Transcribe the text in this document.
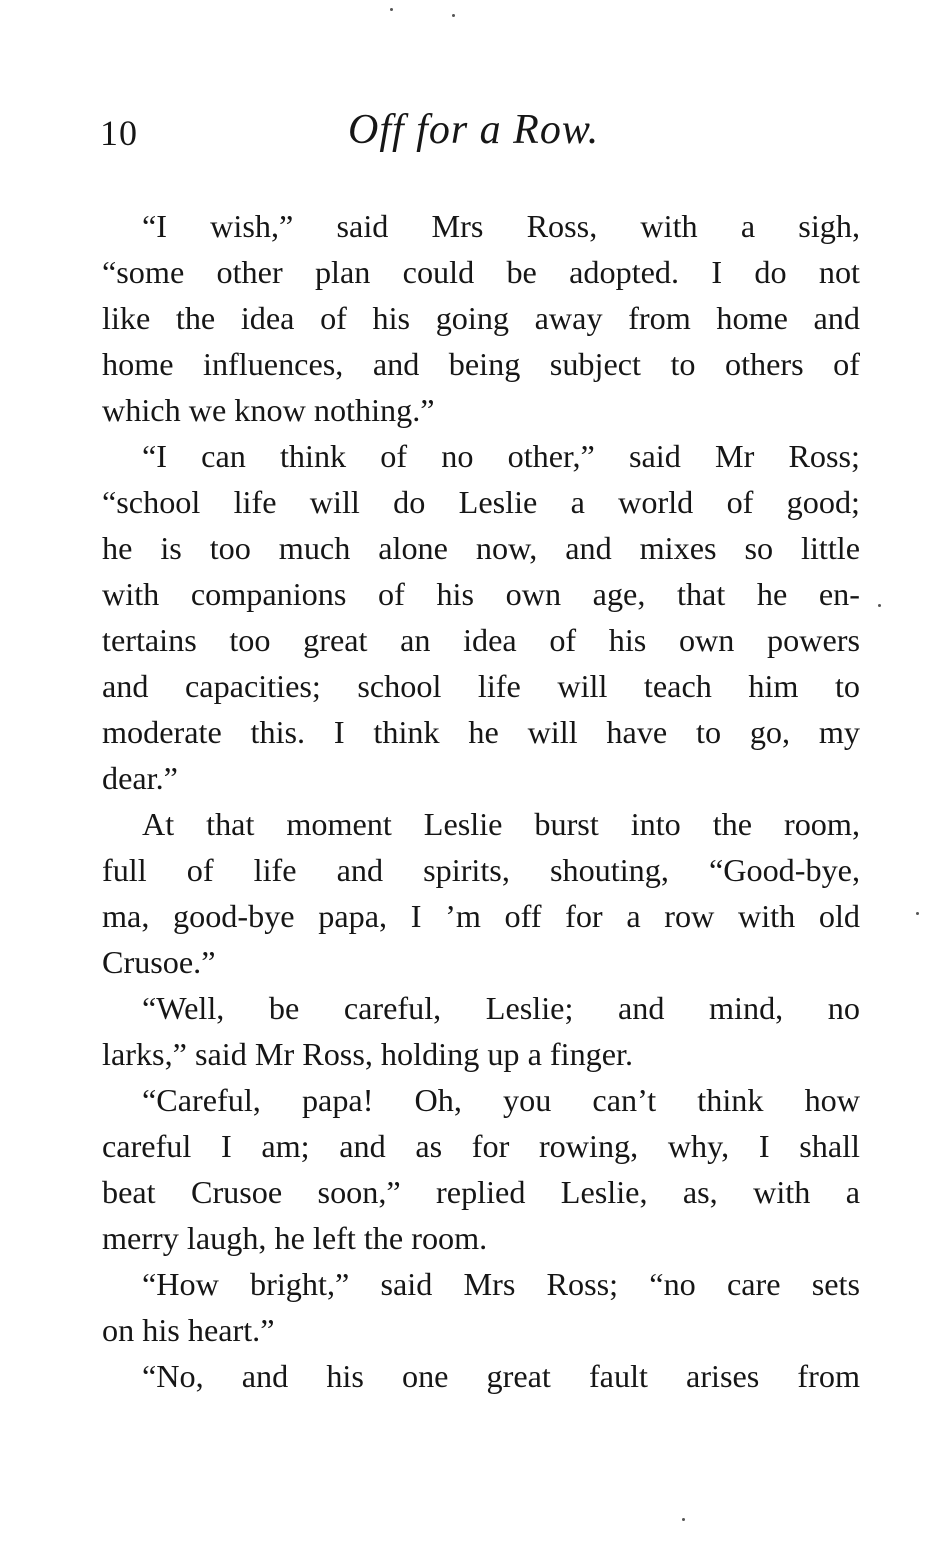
10	Off for a Row.
“I wish,” said Mrs Ross, with a sigh,
“some other plan could be adopted. I do not
like the idea of his going away from home and
home influences, and being subject to others of
which we know nothing.”
“I can think of no other,” said Mr Ross;
“school life will do Leslie a world of good;
he is too much alone now, and mixes so little
with companions of his own age, that he en-
tertains too great an idea of his own powers
and capacities; school life will teach him to
moderate this. I think he will have to go, my
dear.”
At that moment Leslie burst into the room,
full of life and spirits, shouting, “Good-bye,
ma, good-bye papa, I ’m off for a row with old
Crusoe.”
“Well, be careful, Leslie; and mind, no
larks,” said Mr Ross, holding up a finger.
“Careful, papa! Oh, you can’t think how
careful I am; and as for rowing, why, I shall
beat Crusoe soon,” replied Leslie, as, with a
merry laugh, he left the room.
“How bright,” said Mrs Ross; “no care sets
on his heart.”
“No, and his one great fault arises from
